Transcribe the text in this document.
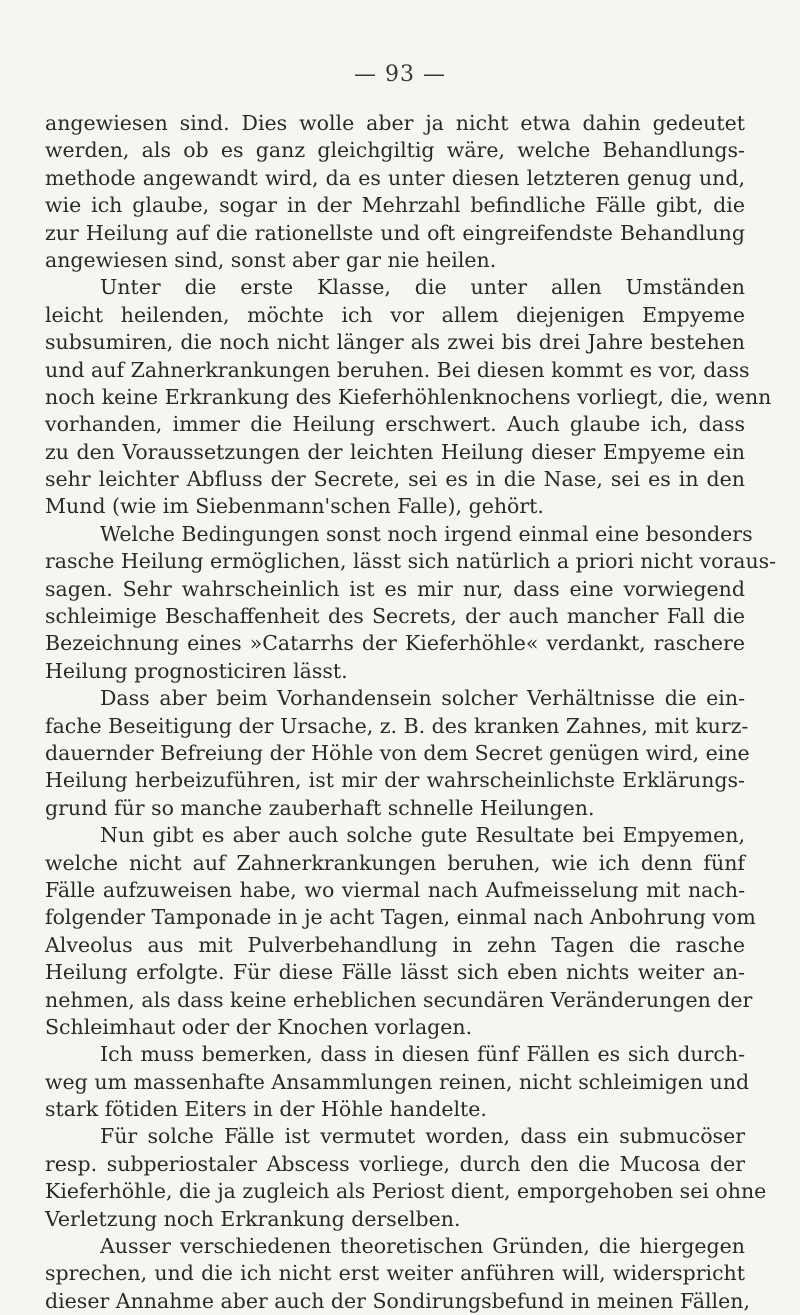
— 93 —
angewiesen sind. Dies wolle aber ja nicht etwa dahin gedeutet
werden, als ob es ganz gleichgiltig wäre, welche Behandlungs-
methode angewandt wird, da es unter diesen letzteren genug und,
wie ich glaube, sogar in der Mehrzahl befindliche Fälle gibt, die
zur Heilung auf die rationellste und oft eingreifendste Behandlung
angewiesen sind, sonst aber gar nie heilen.
Unter die erste Klasse, die unter allen Umständen
leicht heilenden, möchte ich vor allem diejenigen Empyeme
subsumiren, die noch nicht länger als zwei bis drei Jahre bestehen
und auf Zahnerkrankungen beruhen. Bei diesen kommt es vor, dass
noch keine Erkrankung des Kieferhöhlenknochens vorliegt, die, wenn
vorhanden, immer die Heilung erschwert. Auch glaube ich, dass
zu den Voraussetzungen der leichten Heilung dieser Empyeme ein
sehr leichter Abfluss der Secrete, sei es in die Nase, sei es in den
Mund (wie im Siebenmann'schen Falle), gehört.
Welche Bedingungen sonst noch irgend einmal eine besonders
rasche Heilung ermöglichen, lässt sich natürlich a priori nicht voraus-
sagen. Sehr wahrscheinlich ist es mir nur, dass eine vorwiegend
schleimige Beschaffenheit des Secrets, der auch mancher Fall die
Bezeichnung eines »Catarrhs der Kieferhöhle« verdankt, raschere
Heilung prognosticiren lässt.
Dass aber beim Vorhandensein solcher Verhältnisse die ein-
fache Beseitigung der Ursache, z. B. des kranken Zahnes, mit kurz-
dauernder Befreiung der Höhle von dem Secret genügen wird, eine
Heilung herbeizuführen, ist mir der wahrscheinlichste Erklärungs-
grund für so manche zauberhaft schnelle Heilungen.
Nun gibt es aber auch solche gute Resultate bei Empyemen,
welche nicht auf Zahnerkrankungen beruhen, wie ich denn fünf
Fälle aufzuweisen habe, wo viermal nach Aufmeisselung mit nach-
folgender Tamponade in je acht Tagen, einmal nach Anbohrung vom
Alveolus aus mit Pulverbehandlung in zehn Tagen die rasche
Heilung erfolgte. Für diese Fälle lässt sich eben nichts weiter an-
nehmen, als dass keine erheblichen secundären Veränderungen der
Schleimhaut oder der Knochen vorlagen.
Ich muss bemerken, dass in diesen fünf Fällen es sich durch-
weg um massenhafte Ansammlungen reinen, nicht schleimigen und
stark fötiden Eiters in der Höhle handelte.
Für solche Fälle ist vermutet worden, dass ein submucöser
resp. subperiostaler Abscess vorliege, durch den die Mucosa der
Kieferhöhle, die ja zugleich als Periost dient, emporgehoben sei ohne
Verletzung noch Erkrankung derselben.
Ausser verschiedenen theoretischen Gründen, die hiergegen
sprechen, und die ich nicht erst weiter anführen will, widerspricht
dieser Annahme aber auch der Sondirungsbefund in meinen Fällen,
